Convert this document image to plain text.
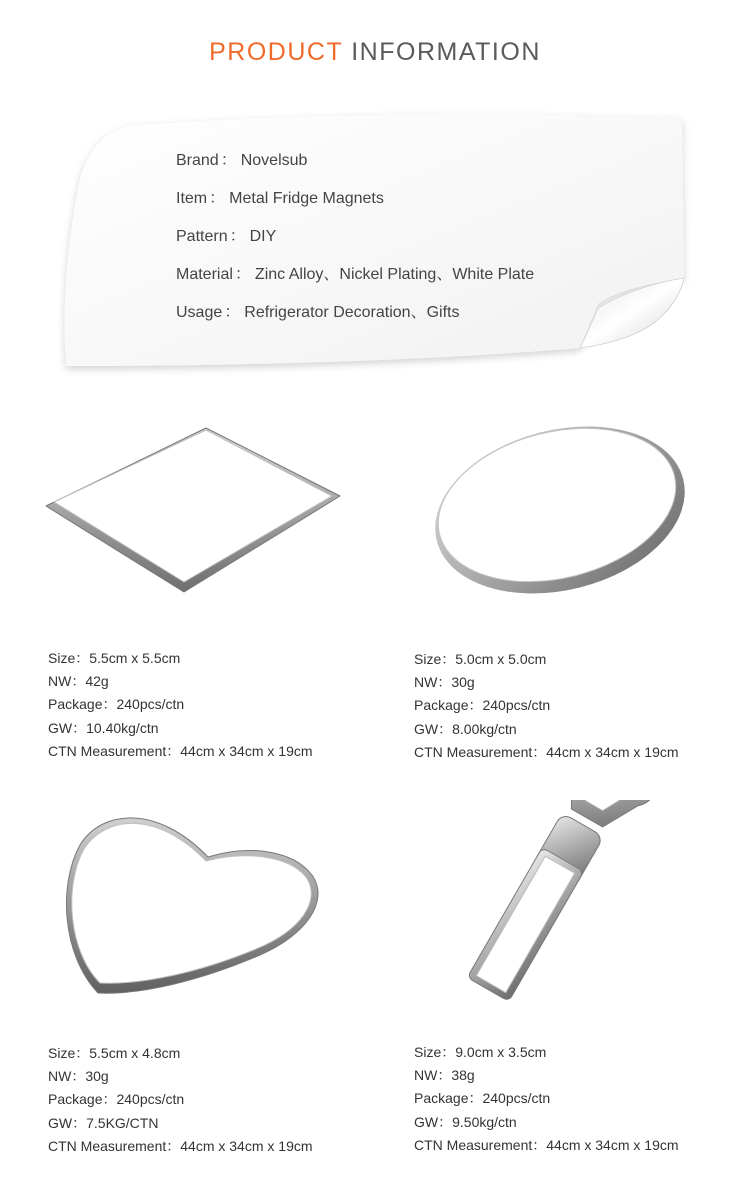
PRODUCT INFORMATION
Brand ： Novelsub
Item ： Metal Fridge Magnets
Pattern ： DIY
Material ： Zinc Alloy、Nickel Plating、White Plate
Usage ： Refrigerator Decoration、Gifts
Size：5.5cm x 5.5cm
NW：42g
Package：240pcs/ctn
GW：10.40kg/ctn
CTN Measurement：44cm x 34cm x 19cm
Size：5.0cm x 5.0cm
NW：30g
Package：240pcs/ctn
GW：8.00kg/ctn
CTN Measurement：44cm x 34cm x 19cm
Size：5.5cm x 4.8cm
NW：30g
Package：240pcs/ctn
GW：7.5KG/CTN
CTN Measurement：44cm x 34cm x 19cm
Size：9.0cm x 3.5cm
NW：38g
Package：240pcs/ctn
GW：9.50kg/ctn
CTN Measurement：44cm x 34cm x 19cm
